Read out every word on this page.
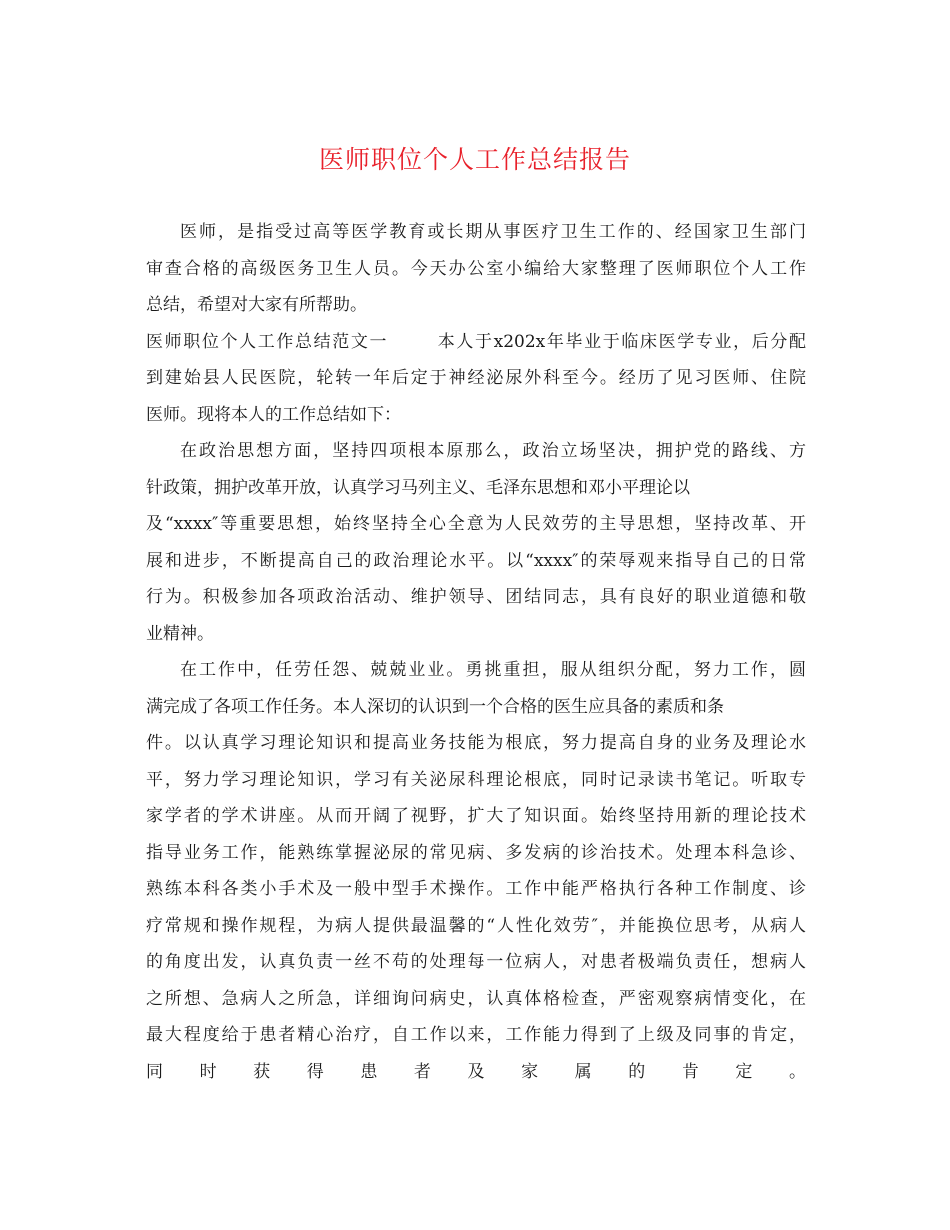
医师职位个人工作总结报告
医师，是指受过高等医学教育或长期从事医疗卫生工作的、经国家卫生部门
审查合格的高级医务卫生人员。今天办公室小编给大家整理了医师职位个人工作
总结，希望对大家有所帮助。
医师职位个人工作总结范文一	本人于x202x年毕业于临床医学专业，后分配
到建始县人民医院，轮转一年后定于神经泌尿外科至今。经历了见习医师、住院
医师。现将本人的工作总结如下：
在政治思想方面，坚持四项根本原那么，政治立场坚决，拥护党的路线、方
针政策，拥护改革开放，认真学习马列主义、毛泽东思想和邓小平理论以
及“xxxx″等重要思想，始终坚持全心全意为人民效劳的主导思想，坚持改革、开
展和进步，不断提高自己的政治理论水平。以“xxxx″的荣辱观来指导自己的日常
行为。积极参加各项政治活动、维护领导、团结同志，具有良好的职业道德和敬
业精神。
在工作中，任劳任怨、兢兢业业。勇挑重担，服从组织分配，努力工作，圆
满完成了各项工作任务。本人深切的认识到一个合格的医生应具备的素质和条
件。以认真学习理论知识和提高业务技能为根底，努力提高自身的业务及理论水
平，努力学习理论知识，学习有关泌尿科理论根底，同时记录读书笔记。听取专
家学者的学术讲座。从而开阔了视野，扩大了知识面。始终坚持用新的理论技术
指导业务工作，能熟练掌握泌尿的常见病、多发病的诊治技术。处理本科急诊、
熟练本科各类小手术及一般中型手术操作。工作中能严格执行各种工作制度、诊
疗常规和操作规程，为病人提供最温馨的“人性化效劳″，并能换位思考，从病人
的角度出发，认真负责一丝不苟的处理每一位病人，对患者极端负责任，想病人
之所想、急病人之所急，详细询问病史，认真体格检查，严密观察病情变化，在
最大程度给于患者精心治疗，自工作以来，工作能力得到了上级及同事的肯定，
同时获得患者及家属的肯定。
